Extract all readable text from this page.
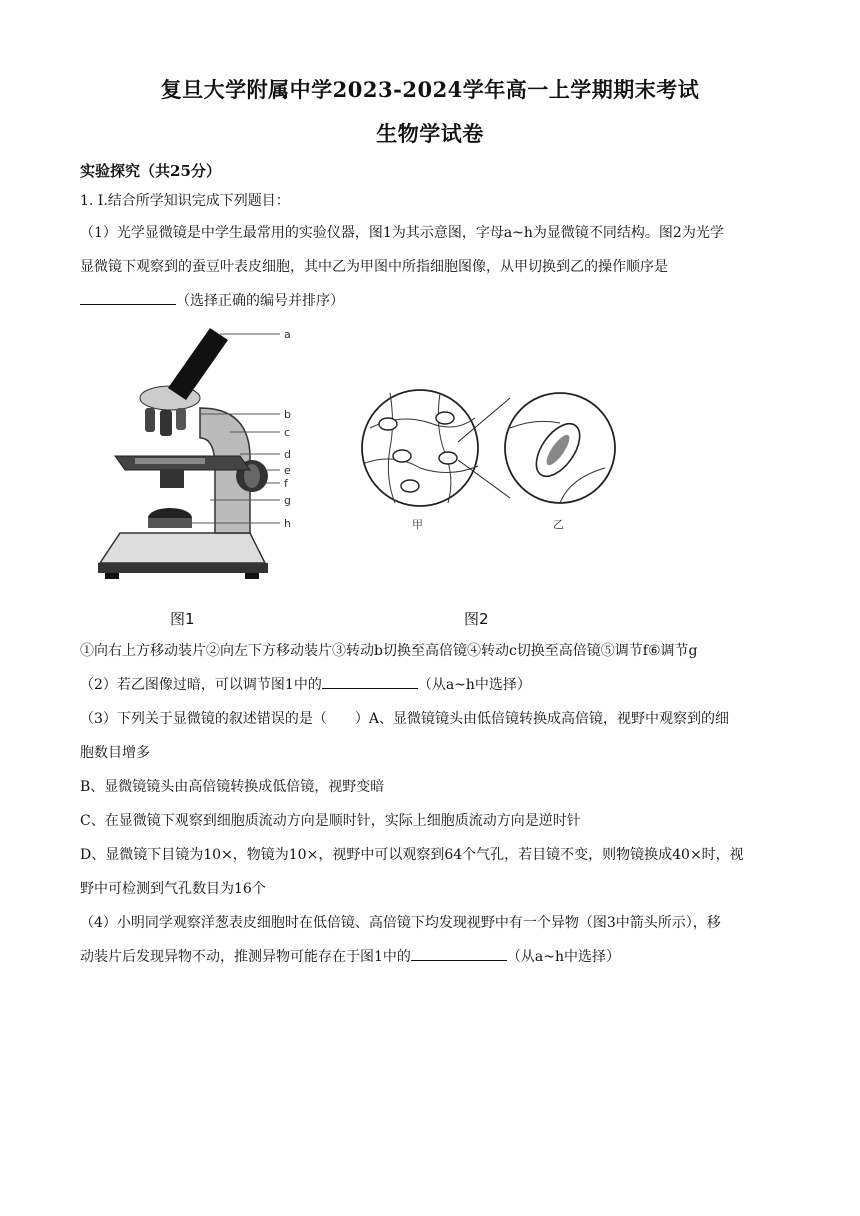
复旦大学附属中学2023-2024学年高一上学期期末考试
生物学试卷
实验探究（共25分）
1. I.结合所学知识完成下列题目：
（1）光学显微镜是中学生最常用的实验仪器，图1为其示意图，字母a~h为显微镜不同结构。图2为光学
显微镜下观察到的蚕豆叶表皮细胞，其中乙为甲图中所指细胞图像，从甲切换到乙的操作顺序是
（选择正确的编号并排序）
a
b
c
d
e
f
g
h	甲	乙
图1	图2
①向右上方移动装片②向左下方移动装片③转动b切换至高倍镜④转动c切换至高倍镜⑤调节f⑥调节g
（2）若乙图像过暗，可以调节图1中的	（从a~h中选择）
（3）下列关于显微镜的叙述错误的是（　　）A、显微镜镜头由低倍镜转换成高倍镜，视野中观察到的细
胞数目增多
B、显微镜镜头由高倍镜转换成低倍镜，视野变暗
C、在显微镜下观察到细胞质流动方向是顺时针，实际上细胞质流动方向是逆时针
D、显微镜下目镜为10×，物镜为10×，视野中可以观察到64个气孔，若目镜不变，则物镜换成40×时，视
野中可检测到气孔数目为16个
（4）小明同学观察洋葱表皮细胞时在低倍镜、高倍镜下均发现视野中有一个异物（图3中箭头所示），移
动装片后发现异物不动，推测异物可能存在于图1中的	（从a~h中选择）
